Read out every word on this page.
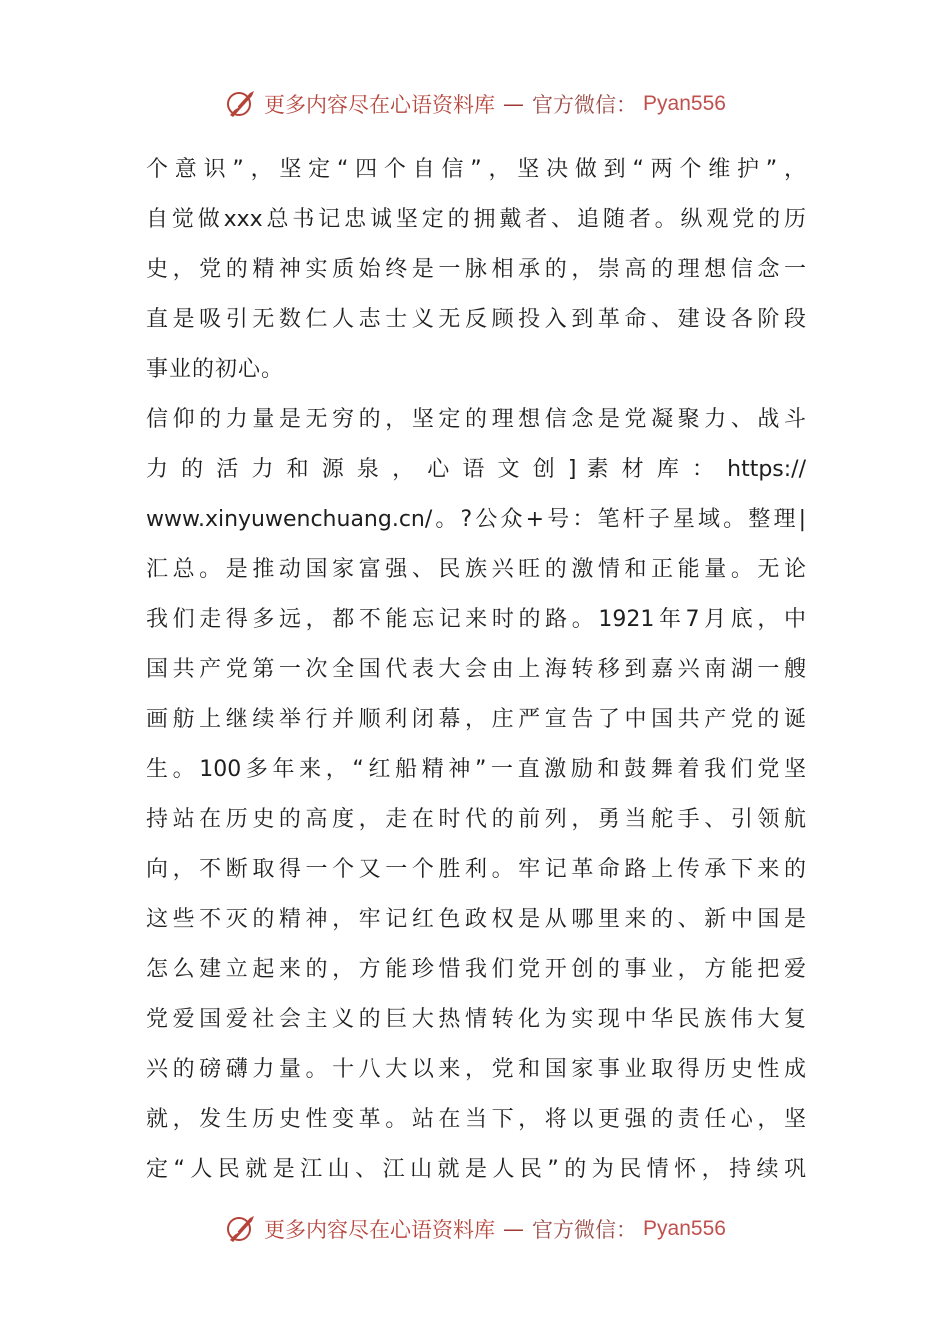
更多内容尽在心语资料库 — 官方微信： Pyan556
个意识”，坚定“四个自信”，坚决做到“两个维护”，
自觉做xxx总书记忠诚坚定的拥戴者、追随者。纵观党的历
史，党的精神实质始终是一脉相承的，崇高的理想信念一
直是吸引无数仁人志士义无反顾投入到革命、建设各阶段
事业的初心。
信仰的力量是无穷的，坚定的理想信念是党凝聚力、战斗
力 的 活 力 和 源 泉 ， 心 语 文 创 ] 素 材 库 ： https://
www.xinyuwenchuang.cn/。?公众+号：笔杆子星域。整理|
汇总。是推动国家富强、民族兴旺的激情和正能量。无论
我们走得多远，都不能忘记来时的路。1921年7月底，中
国共产党第一次全国代表大会由上海转移到嘉兴南湖一艘
画舫上继续举行并顺利闭幕，庄严宣告了中国共产党的诞
生。100多年来，“红船精神”一直激励和鼓舞着我们党坚
持站在历史的高度，走在时代的前列，勇当舵手、引领航
向，不断取得一个又一个胜利。牢记革命路上传承下来的
这些不灭的精神，牢记红色政权是从哪里来的、新中国是
怎么建立起来的，方能珍惜我们党开创的事业，方能把爱
党爱国爱社会主义的巨大热情转化为实现中华民族伟大复
兴的磅礴力量。十八大以来，党和国家事业取得历史性成
就，发生历史性变革。站在当下，将以更强的责任心，坚
定“人民就是江山、江山就是人民”的为民情怀，持续巩
更多内容尽在心语资料库 — 官方微信： Pyan556
